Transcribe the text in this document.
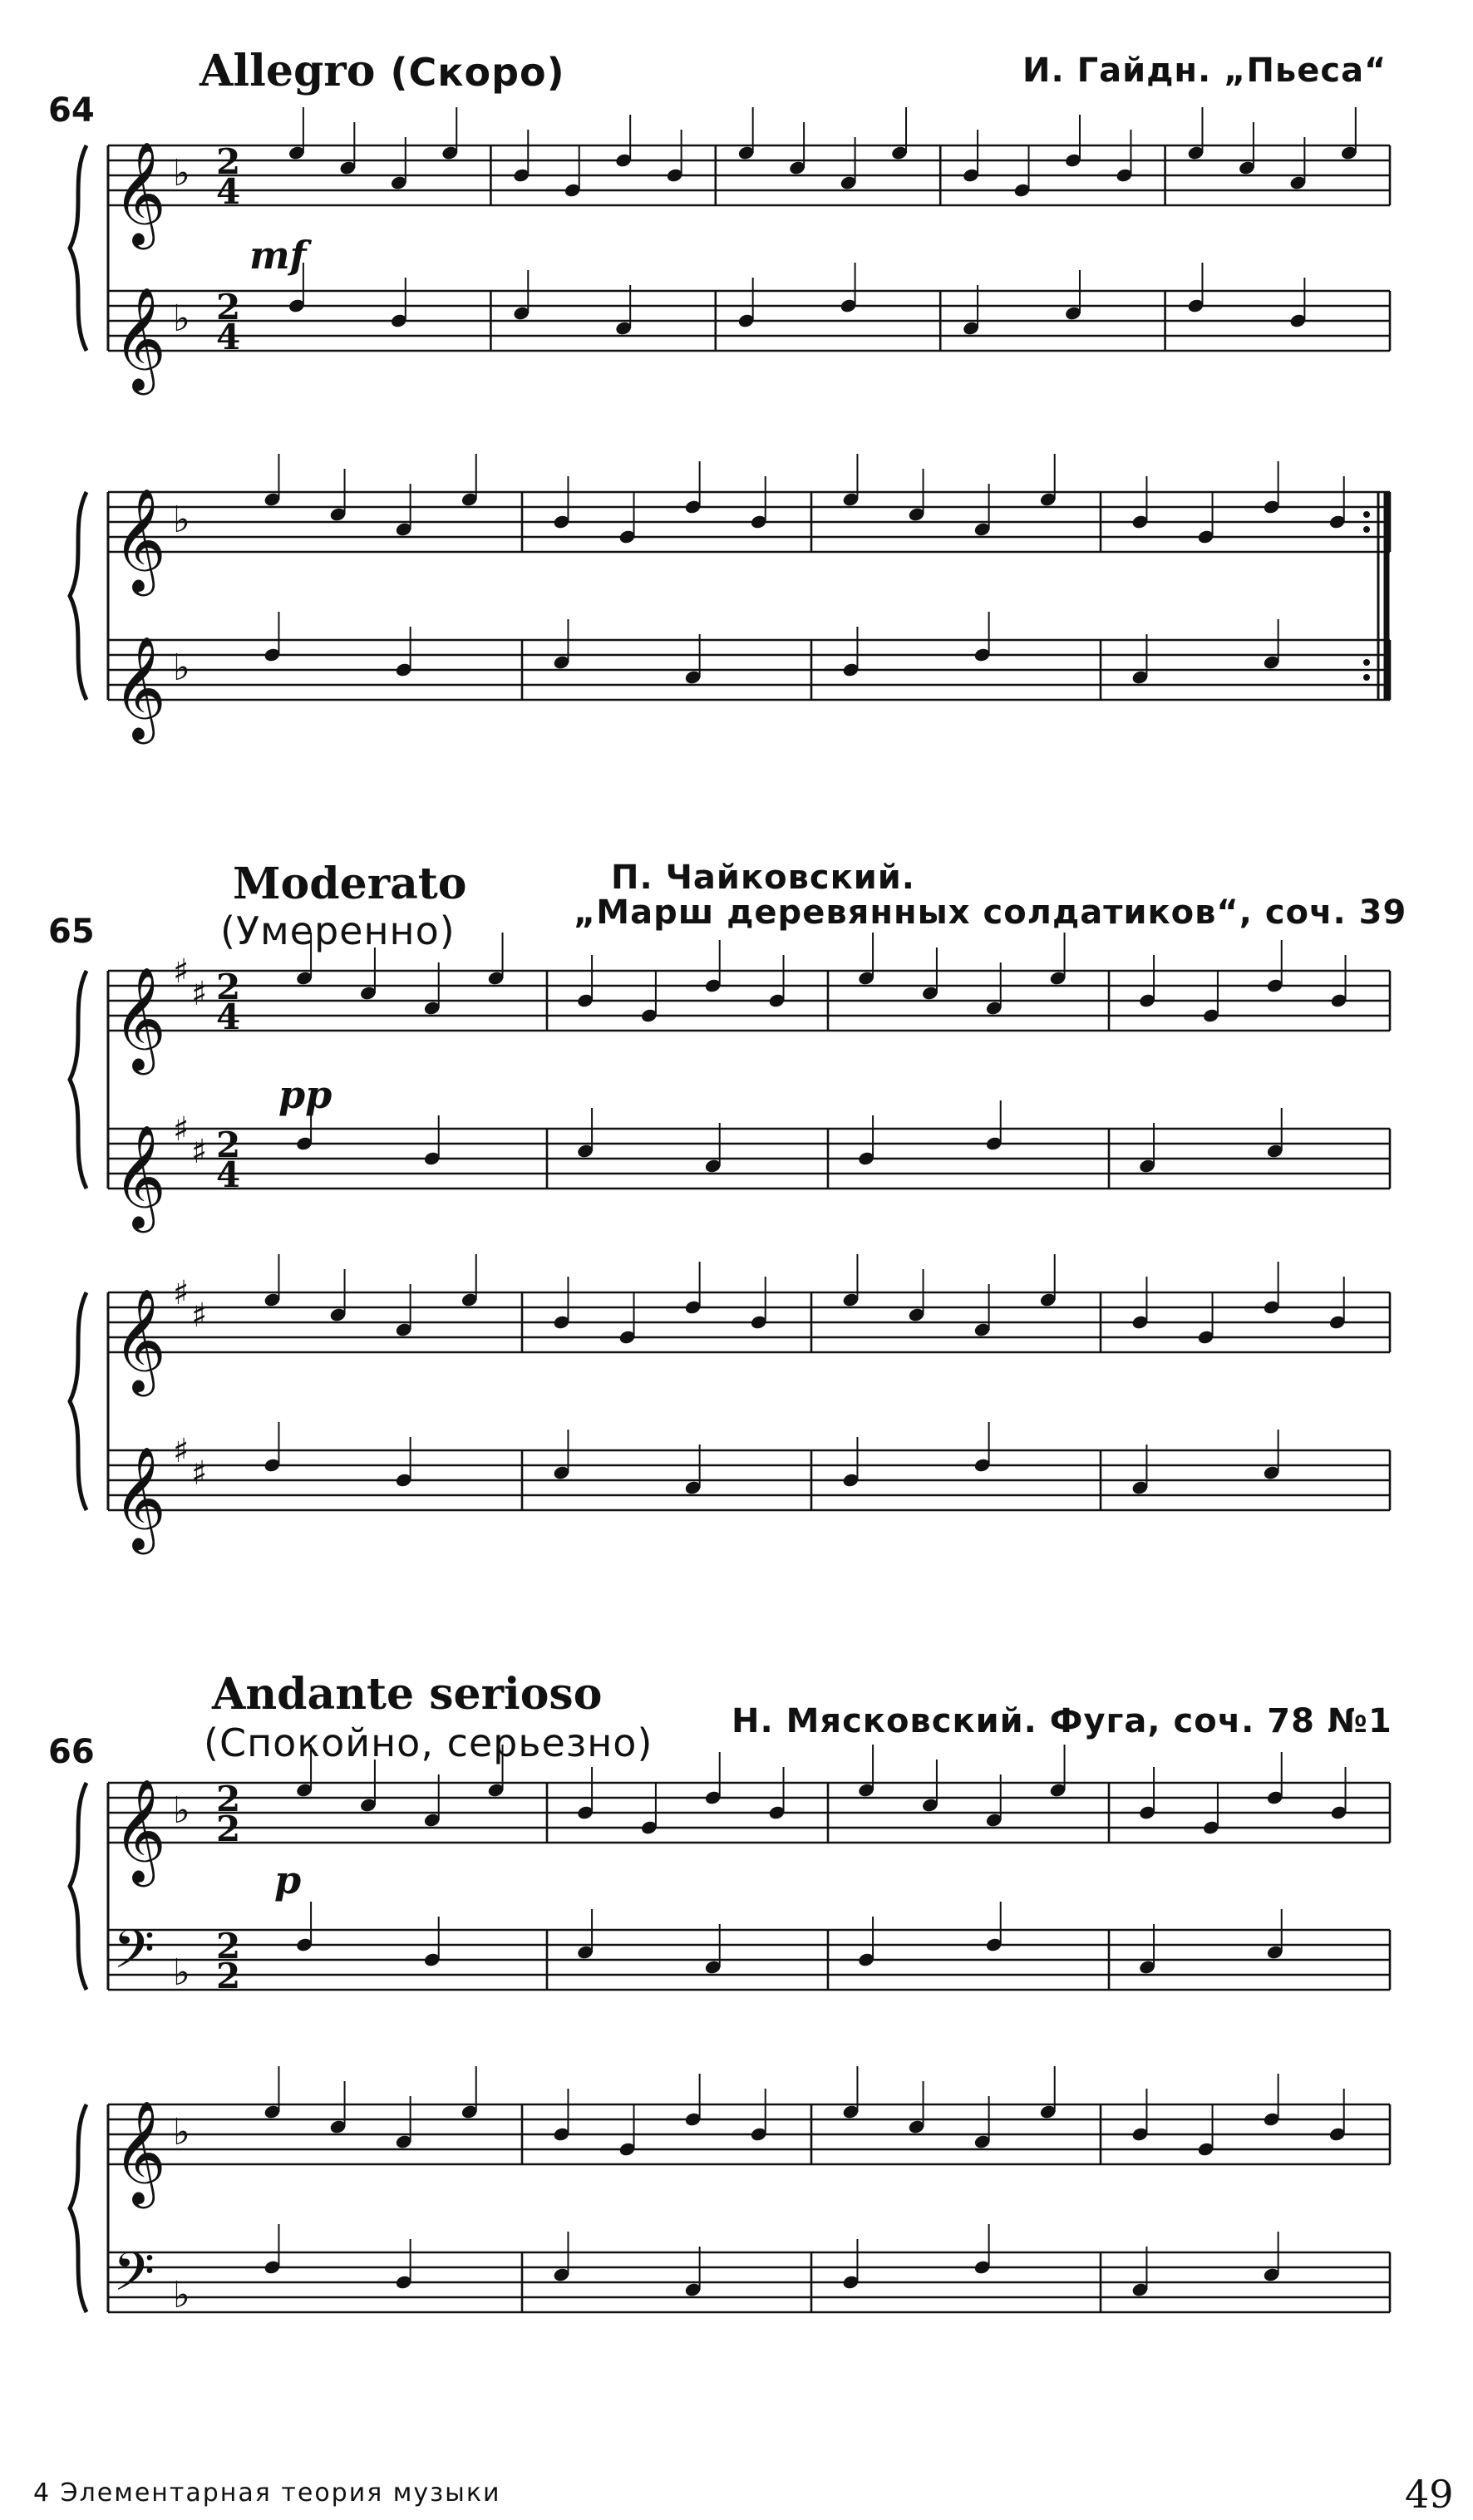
Allegro (Скоро)	И. Гайдн. „Пьеса“
64
mf
Moderato
(Умеренно)
П. Чайковский.
„Марш деревянных солдатиков“, соч. 39
65
pp
Andante serioso
(Спокойно, серьезно) Н. Мясковский. Фуга, соч. 78 №1
66
p
4 Элементарная теория музыки	49
𝄞
𝄞
♭
♭
2
4
2
4
𝄞
𝄞
♭
♭
𝄞
𝄞
♯
♯
♯
♯
2
4
2
4
𝄞
𝄞
♯
♯
♯
♯
𝄞
𝄢
♭
♭
2
2
2
2
𝄞
𝄢
♭
♭
